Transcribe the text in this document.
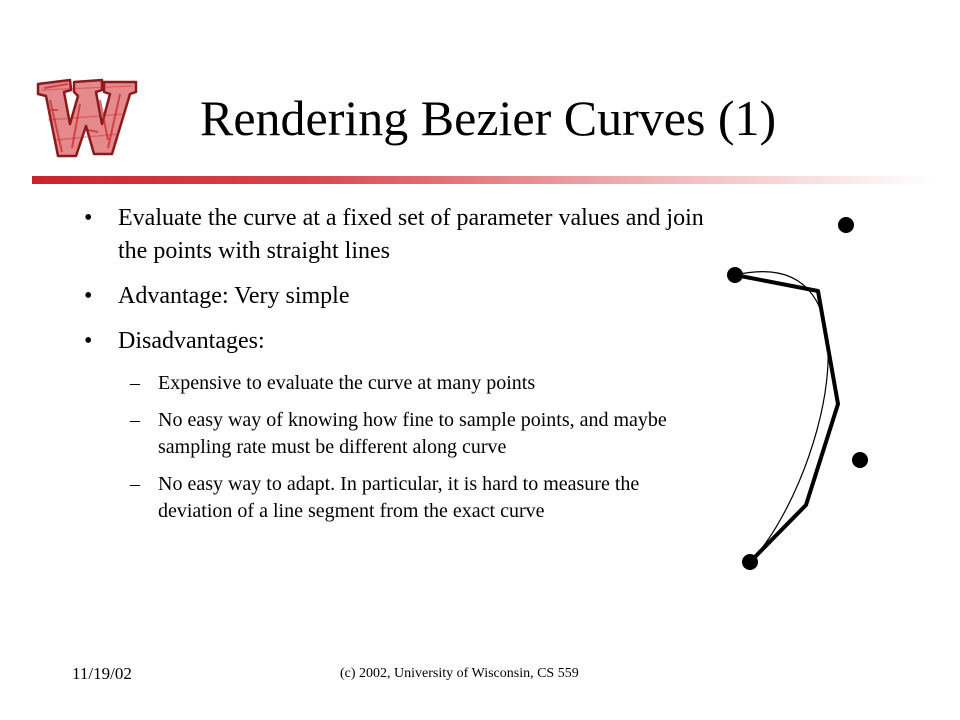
Rendering Bezier Curves (1)
• Evaluate the curve at a fixed set of parameter values and join the points with straight lines
• Advantage: Very simple
• Disadvantages:
– Expensive to evaluate the curve at many points
– No easy way of knowing how fine to sample points, and maybe sampling rate must be different along curve
– No easy way to adapt. In particular, it is hard to measure the deviation of a line segment from the exact curve
11/19/02	(c) 2002, University of Wisconsin, CS 559
